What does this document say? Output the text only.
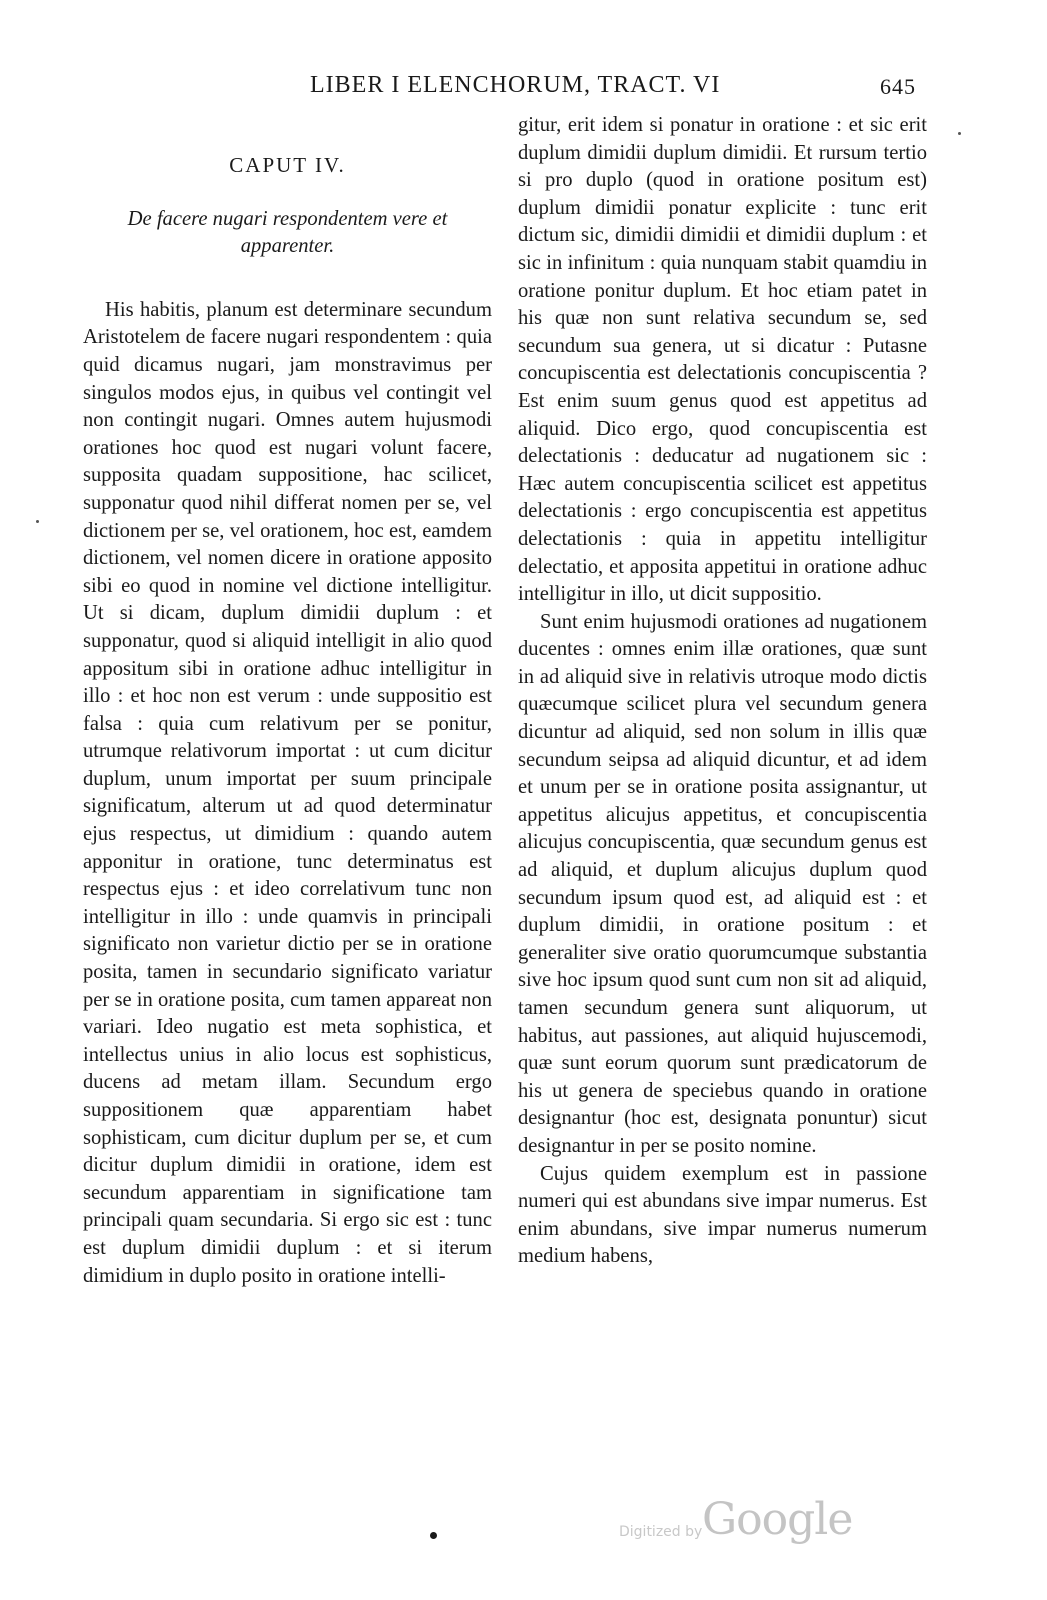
LIBER I ELENCHORUM, TRACT. VI	645
CAPUT IV.
De facere nugari respondentem vere et apparenter.

His habitis, planum est determinare secundum Aristotelem de facere nugari respondentem : quia quid dicamus nugari, jam monstravimus per singulos modos ejus, in quibus vel contingit vel non contingit nugari. Omnes autem hujusmodi orationes hoc quod est nugari volunt facere, supposita quadam suppositione, hac scilicet, supponatur quod nihil differat nomen per se, vel dictionem per se, vel orationem, hoc est, eamdem dictionem, vel nomen dicere in oratione apposito sibi eo quod in nomine vel dictione intelligitur. Ut si dicam, duplum dimidii duplum : et supponatur, quod si aliquid intelligit in alio quod appositum sibi in oratione adhuc intelligitur in illo : et hoc non est verum : unde suppositio est falsa : quia cum relativum per se ponitur, utrumque relativorum importat : ut cum dicitur duplum, unum importat per suum principale significatum, alterum ut ad quod determinatur ejus respectus, ut dimidium : quando autem apponitur in oratione, tunc determinatus est respectus ejus : et ideo correlativum tunc non intelligitur in illo : unde quamvis in principali significato non varietur dictio per se in oratione posita, tamen in secundario significato variatur per se in oratione posita, cum tamen appareat non variari. Ideo nugatio est meta sophistica, et intellectus unius in alio locus est sophisticus, ducens ad metam illam. Secundum ergo suppositionem quæ apparentiam habet sophisticam, cum dicitur duplum per se, et cum dicitur duplum dimidii in oratione, idem est secundum apparentiam in significatione tam principali quam secundaria. Si ergo sic est : tunc est duplum dimidii duplum : et si iterum dimidium in duplo posito in oratione intelli-

gitur, erit idem si ponatur in oratione : et sic erit duplum dimidii duplum dimidii. Et rursum tertio si pro duplo (quod in oratione positum est) duplum dimidii ponatur explicite : tunc erit dictum sic, dimidii dimidii et dimidii duplum : et sic in infinitum : quia nunquam stabit quamdiu in oratione ponitur duplum. Et hoc etiam patet in his quæ non sunt relativa secundum se, sed secundum sua genera, ut si dicatur : Putasne concupiscentia est delectationis concupiscentia ? Est enim suum genus quod est appetitus ad aliquid. Dico ergo, quod concupiscentia est delectationis : deducatur ad nugationem sic : Hæc autem concupiscentia scilicet est appetitus delectationis : ergo concupiscentia est appetitus delectationis : quia in appetitu intelligitur delectatio, et apposita appetitui in oratione adhuc intelligitur in illo, ut dicit suppositio.

Sunt enim hujusmodi orationes ad nugationem ducentes : omnes enim illæ orationes, quæ sunt in ad aliquid sive in relativis utroque modo dictis quæcumque scilicet plura vel secundum genera dicuntur ad aliquid, sed non solum in illis quæ secundum seipsa ad aliquid dicuntur, et ad idem et unum per se in oratione posita assignantur, ut appetitus alicujus appetitus, et concupiscentia alicujus concupiscentia, quæ secundum genus est ad aliquid, et duplum alicujus duplum quod secundum ipsum quod est, ad aliquid est : et duplum dimidii, in oratione positum : et generaliter sive oratio quorumcumque substantia sive hoc ipsum quod sunt cum non sit ad aliquid, tamen secundum genera sunt aliquorum, ut habitus, aut passiones, aut aliquid hujuscemodi, quæ sunt eorum quorum sunt prædicatorum de his ut genera de speciebus quando in oratione designantur (hoc est, designata ponuntur) sicut designantur in per se posito nomine.

Cujus quidem exemplum est in passione numeri qui est abundans sive impar numerus. Est enim abundans, sive impar numerus numerum medium habens,

Digitized by Google
